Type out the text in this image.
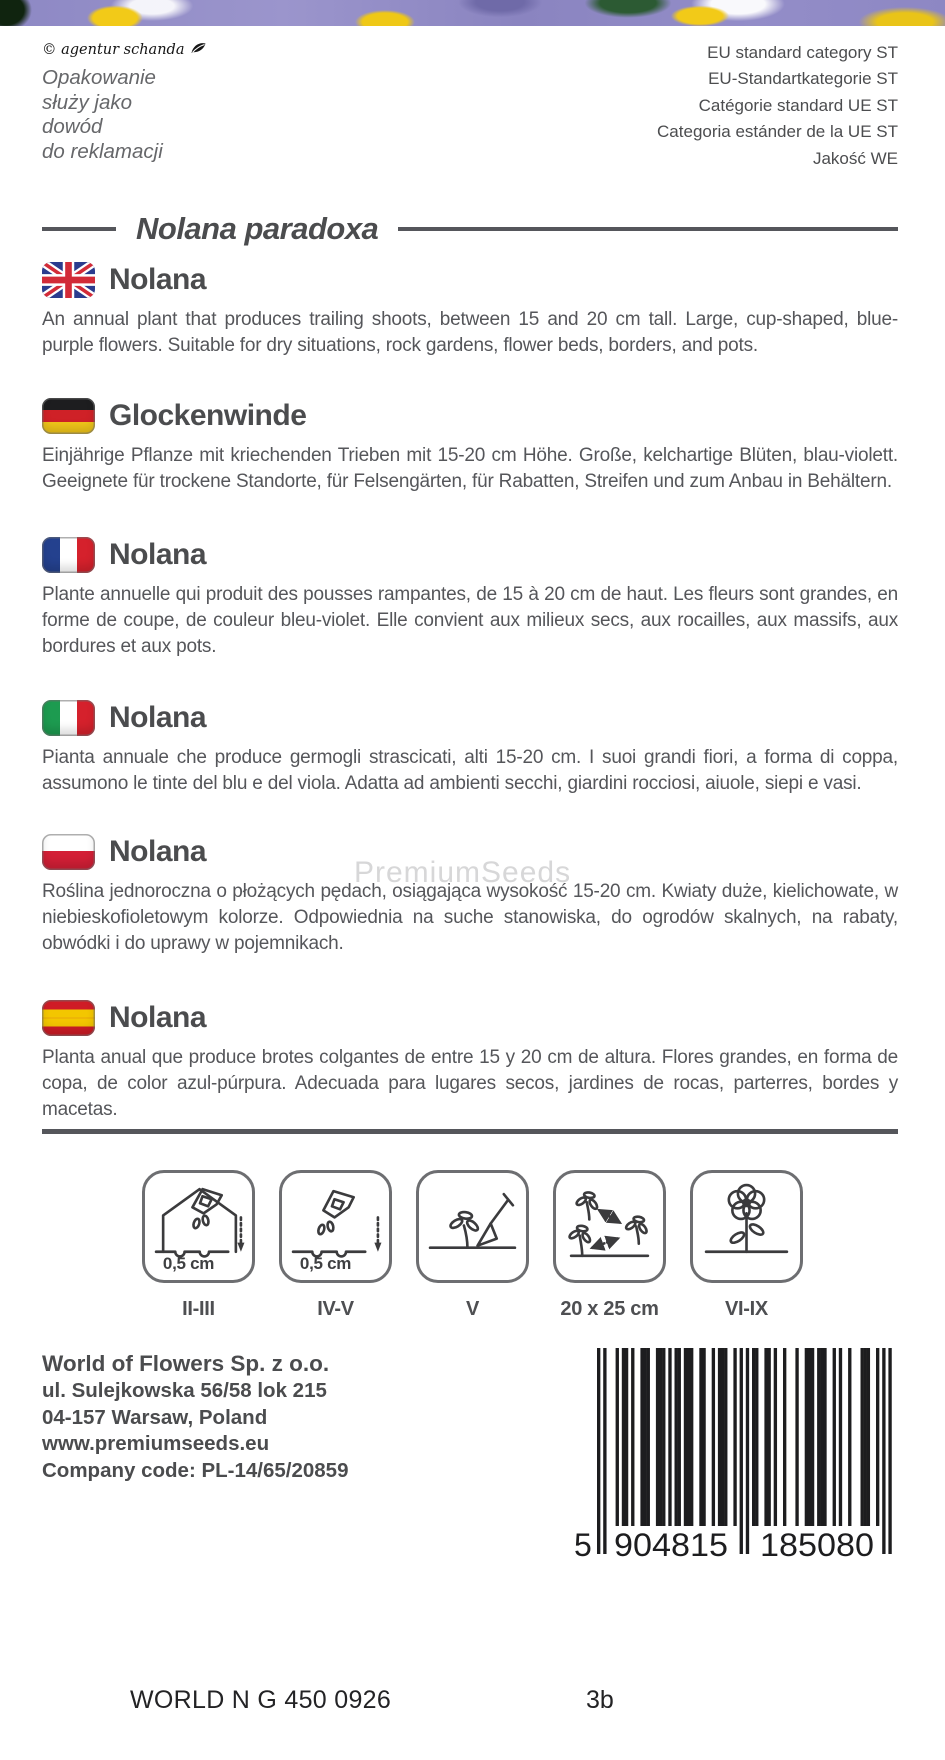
© agentur schanda
Opakowanie
służy jako
dowód
do reklamacji
EU standard category ST
EU-Standartkategorie ST
Catégorie standard UE ST
Categoria estánder de la UE ST
Jakość WE
Nolana paradoxa
PremiumSeeds
Nolana

An annual plant that produces trailing shoots, between 15 and 20 cm tall. Large, cup-shaped, blue-purple flowers. Suitable for dry situations, rock gardens, flower beds, borders, and pots.

Glockenwinde

Einjährige Pflanze mit kriechenden Trieben mit 15-20 cm Höhe. Große, kelchartige Blüten, blau-violett. Geeignete für trockene Standorte, für Felsengärten, für Rabatten, Streifen und zum Anbau in Behältern.

Nolana

Plante annuelle qui produit des pousses rampantes, de 15 à 20 cm de haut. Les fleurs sont grandes, en forme de coupe, de couleur bleu-violet. Elle convient aux milieux secs, aux rocailles, aux massifs, aux bordures et aux pots.

Nolana

Pianta annuale che produce germogli strascicati, alti 15-20 cm. I suoi grandi fiori, a forma di coppa, assumono le tinte del blu e del viola. Adatta ad ambienti secchi, giardini rocciosi, aiuole, siepi e vasi.

Nolana

Roślina jednoroczna o płożących pędach, osiągająca wysokość 15-20 cm. Kwiaty duże, kielichowate, w niebieskofioletowym kolorze. Odpowiednia na suche stanowiska, do ogrodów skalnych, na rabaty, obwódki i do uprawy w pojemnikach.

Nolana

Planta anual que produce brotes colgantes de entre 15 y 20 cm de altura. Flores grandes, en forma de copa, de color azul-púrpura. Adecuada para lugares secos, jardines de rocas, parterres, bordes y macetas.

0,5 cm	0,5 cm
II-III	IV-V	V	20 x 25 cm	VI-IX
World of Flowers Sp. z o.o.
ul. Sulejkowska 56/58 lok 215
04-157 Warsaw, Poland
www.premiumseeds.eu
Company code: PL-14/65/20859
5 904815 185080
WORLD N G 450 0926	3b
